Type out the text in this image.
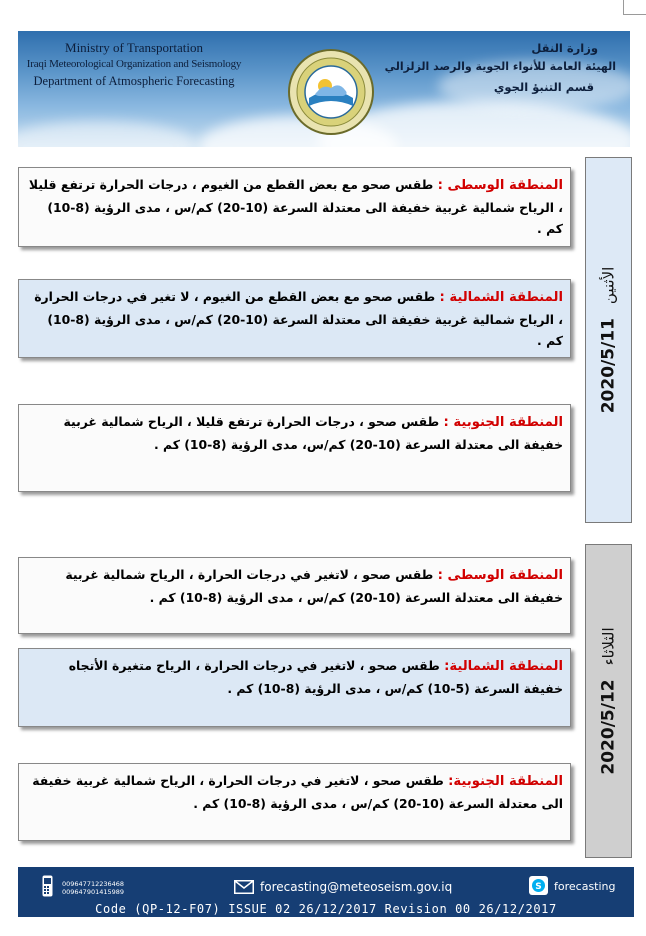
Ministry of Transportation
Iraqi Meteorological Organization and Seismology
Department of Atmospheric Forecasting
وزارة النقل
الهيئة العامة للأنواء الجوية والرصد الزلزالي
قسم التنبؤ الجوي
2020/5/11
الأثنين
2020/5/12
الثلاثاء
المنطقة الوسطى : طقس صحو مع بعض القطع من الغيوم ، درجات الحرارة ترتفع قليلا ، الرياح شمالية غربية خفيفة الى معتدلة السرعة (10-20) كم/س ، مدى الرؤية (8-10) كم .
المنطقة الشمالية : طقس صحو مع بعض القطع من الغيوم ، لا تغير في درجات الحرارة ، الرياح شمالية غربية خفيفة الى معتدلة السرعة (10-20) كم/س ، مدى الرؤية (8-10) كم .
المنطقة الجنوبية : طقس صحو ، درجات الحرارة ترتفع قليلا ، الرياح شمالية غربية خفيفة الى معتدلة السرعة (10-20) كم/س، مدى الرؤية (8-10) كم .
المنطقة الوسطى : طقس صحو ، لاتغير في درجات الحرارة ، الرياح شمالية غربية خفيفة الى معتدلة السرعة (10-20) كم/س ، مدى الرؤية (8-10) كم .
المنطقة الشمالية: طقس صحو ، لاتغير في درجات الحرارة ، الرياح متغيرة الأتجاه خفيفة السرعة (5-10) كم/س ، مدى الرؤية (8-10) كم .
المنطقة الجنوبية: طقس صحو ، لاتغير في درجات الحرارة ، الرياح شمالية غربية خفيفة الى معتدلة السرعة (10-20) كم/س ، مدى الرؤية (8-10) كم .
009647712236468
009647901415989	forecasting@meteoseism.gov.iq	S forecasting
Code (QP-12-F07) ISSUE 02 26/12/2017 Revision 00 26/12/2017
